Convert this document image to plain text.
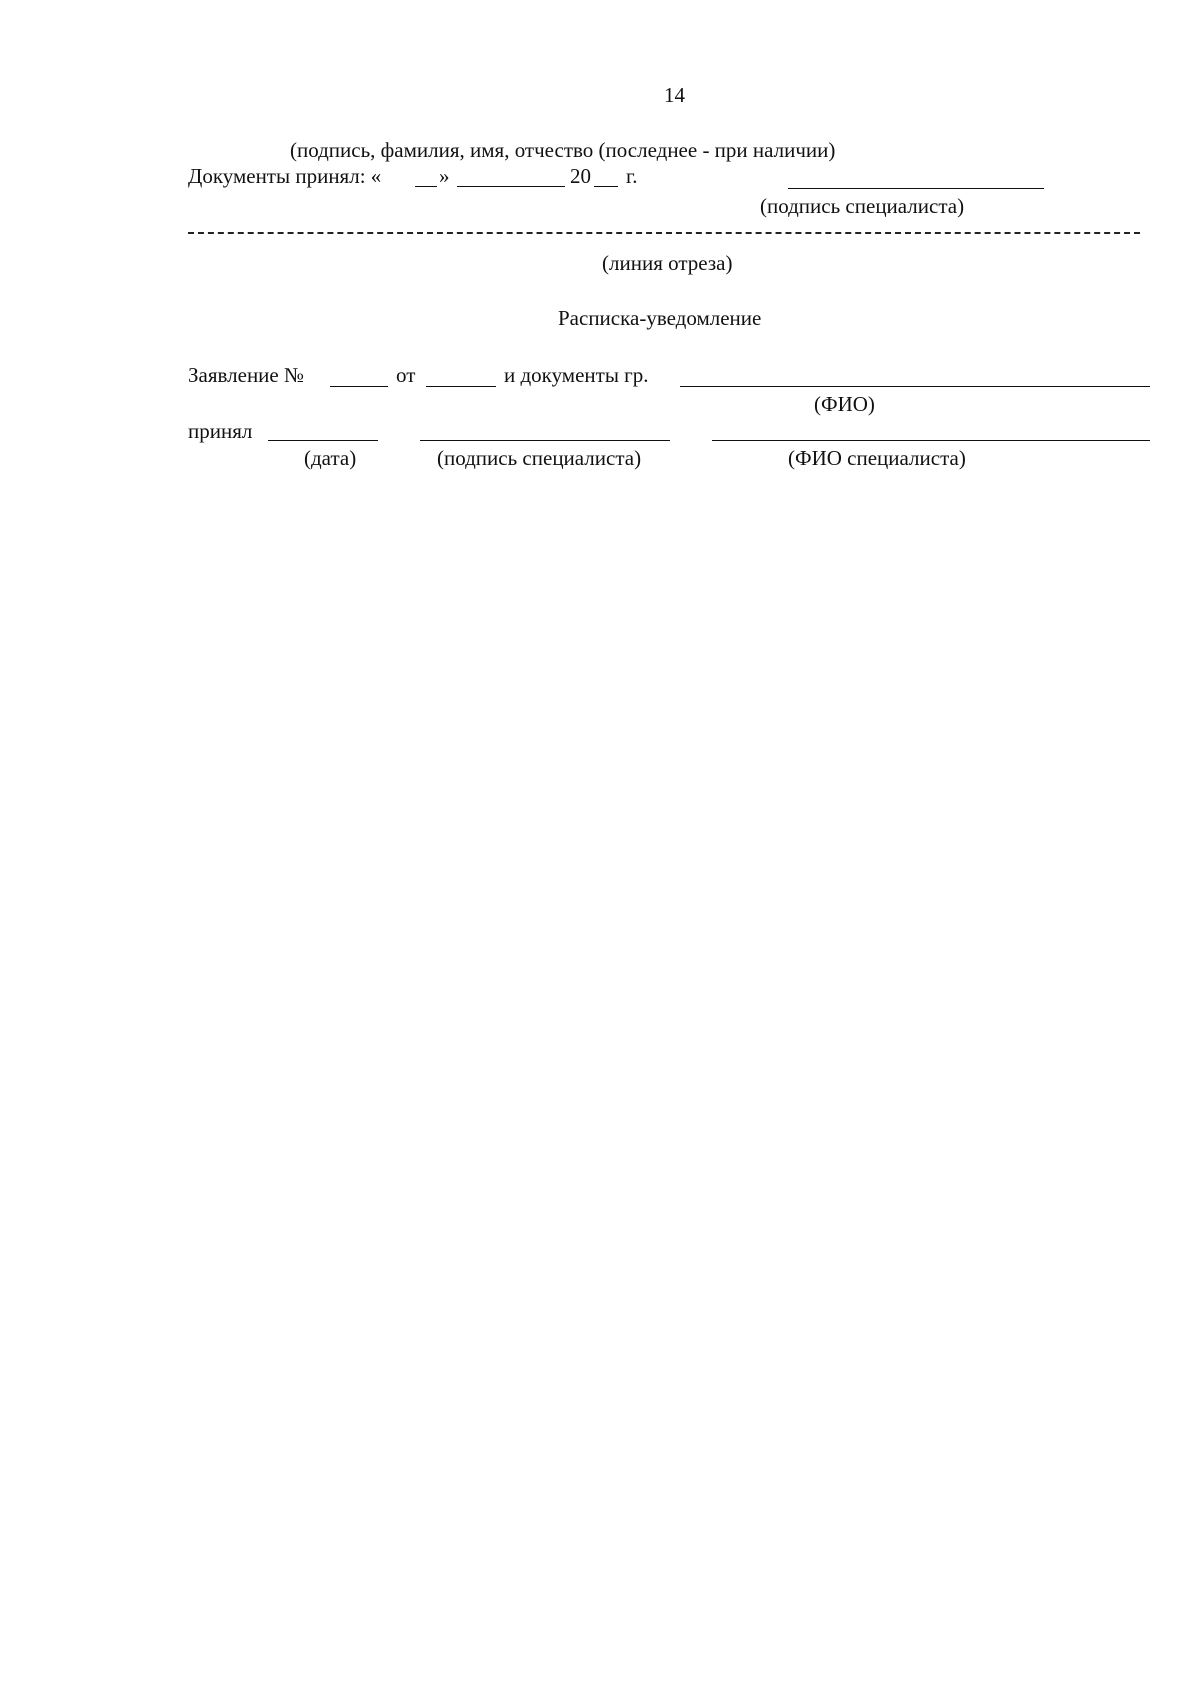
14
(подпись, фамилия, имя, отчество (последнее - при наличии)
Документы принял: «	»	20 г.
(подпись специалиста)
(линия отреза)
Расписка-уведомление
Заявление №	от	и документы гр.
(ФИО)
принял
(дата)	(подпись специалиста)	(ФИО специалиста)
